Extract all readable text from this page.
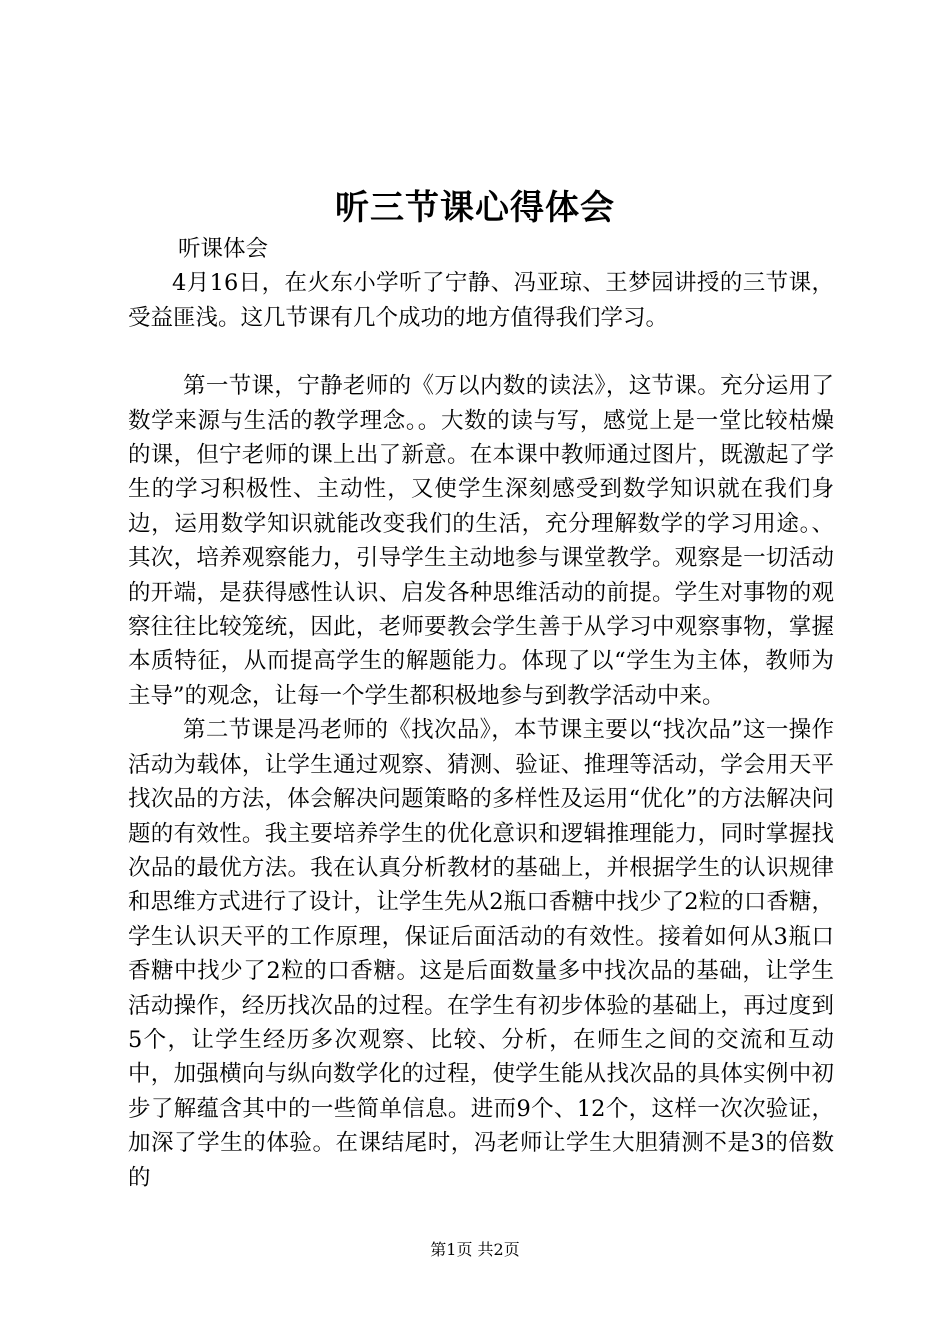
听三节课心得体会

听课体会

4月16日，在火东小学听了宁静、冯亚琼、王梦园讲授的三节课，受益匪浅。这几节课有几个成功的地方值得我们学习。

第一节课，宁静老师的《万以内数的读法》，这节课。充分运用了数学来源与生活的教学理念。。大数的读与写，感觉上是一堂比较枯燥的课，但宁老师的课上出了新意。在本课中教师通过图片，既激起了学生的学习积极性、主动性，又使学生深刻感受到数学知识就在我们身边，运用数学知识就能改变我们的生活，充分理解数学的学习用途。、其次，培养观察能力，引导学生主动地参与课堂教学。观察是一切活动的开端，是获得感性认识、启发各种思维活动的前提。学生对事物的观察往往比较笼统，因此，老师要教会学生善于从学习中观察事物，掌握本质特征，从而提高学生的解题能力。体现了以“学生为主体，教师为主导”的观念，让每一个学生都积极地参与到教学活动中来。

第二节课是冯老师的《找次品》，本节课主要以“找次品”这一操作活动为载体，让学生通过观察、猜测、验证、推理等活动，学会用天平找次品的方法，体会解决问题策略的多样性及运用“优化”的方法解决问题的有效性。我主要培养学生的优化意识和逻辑推理能力，同时掌握找次品的最优方法。我在认真分析教材的基础上，并根据学生的认识规律和思维方式进行了设计，让学生先从2瓶口香糖中找少了2粒的口香糖，学生认识天平的工作原理，保证后面活动的有效性。接着如何从3瓶口香糖中找少了2粒的口香糖。这是后面数量多中找次品的基础，让学生活动操作，经历找次品的过程。在学生有初步体验的基础上，再过度到5个，让学生经历多次观察、比较、分析，在师生之间的交流和互动中，加强横向与纵向数学化的过程，使学生能从找次品的具体实例中初步了解蕴含其中的一些简单信息。进而9个、12个，这样一次次验证，加深了学生的体验。在课结尾时，冯老师让学生大胆猜测不是3的倍数的

第1页 共2页
